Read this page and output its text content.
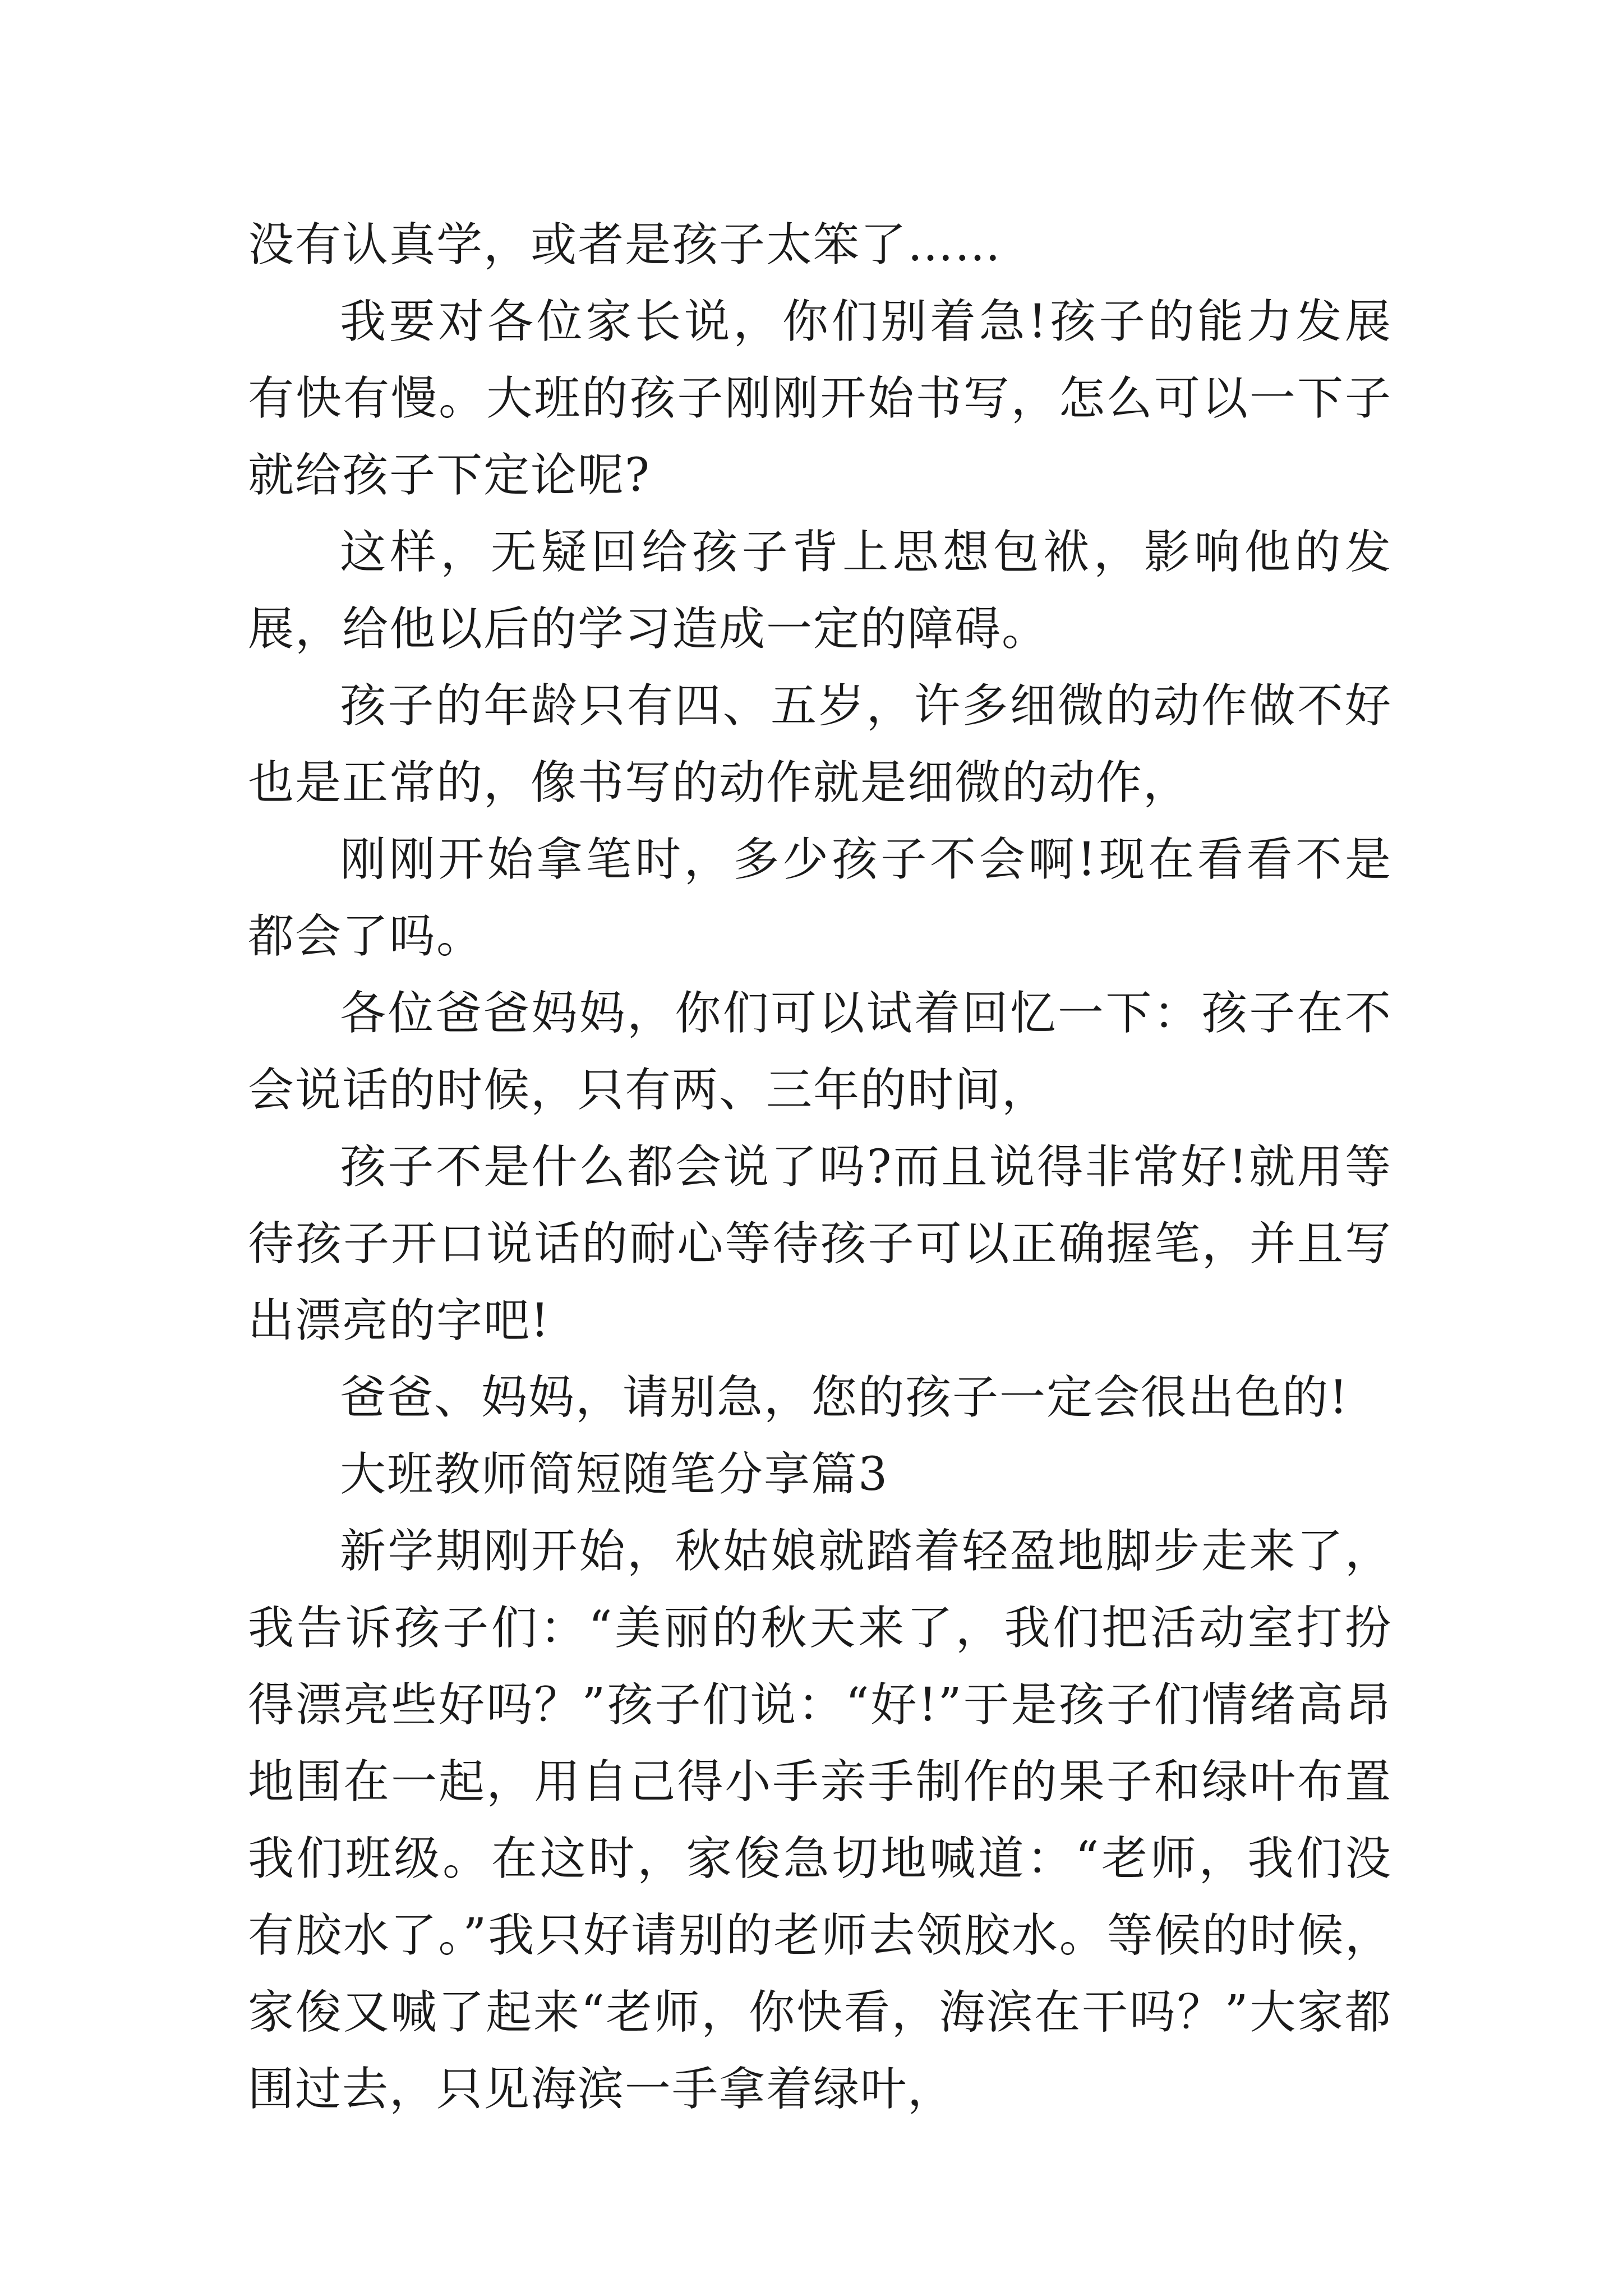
没有认真学，或者是孩子太笨了……

我要对各位家长说，你们别着急!孩子的能力发展有快有慢。大班的孩子刚刚开始书写，怎么可以一下子就给孩子下定论呢?

这样，无疑回给孩子背上思想包袱，影响他的发展，给他以后的学习造成一定的障碍。

孩子的年龄只有四、五岁，许多细微的动作做不好也是正常的，像书写的动作就是细微的动作，

刚刚开始拿笔时，多少孩子不会啊!现在看看不是都会了吗。

各位爸爸妈妈，你们可以试着回忆一下：孩子在不会说话的时候，只有两、三年的时间，

孩子不是什么都会说了吗?而且说得非常好!就用等待孩子开口说话的耐心等待孩子可以正确握笔，并且写出漂亮的字吧!

爸爸、妈妈，请别急，您的孩子一定会很出色的!

大班教师简短随笔分享篇3

新学期刚开始，秋姑娘就踏着轻盈地脚步走来了，我告诉孩子们：“美丽的秋天来了，我们把活动室打扮得漂亮些好吗？”孩子们说：“好!”于是孩子们情绪高昂地围在一起，用自己得小手亲手制作的果子和绿叶布置我们班级。在这时，家俊急切地喊道：“老师，我们没有胶水了。”我只好请别的老师去领胶水。等候的时候，家俊又喊了起来“老师，你快看，海滨在干吗？”大家都围过去，只见海滨一手拿着绿叶，
